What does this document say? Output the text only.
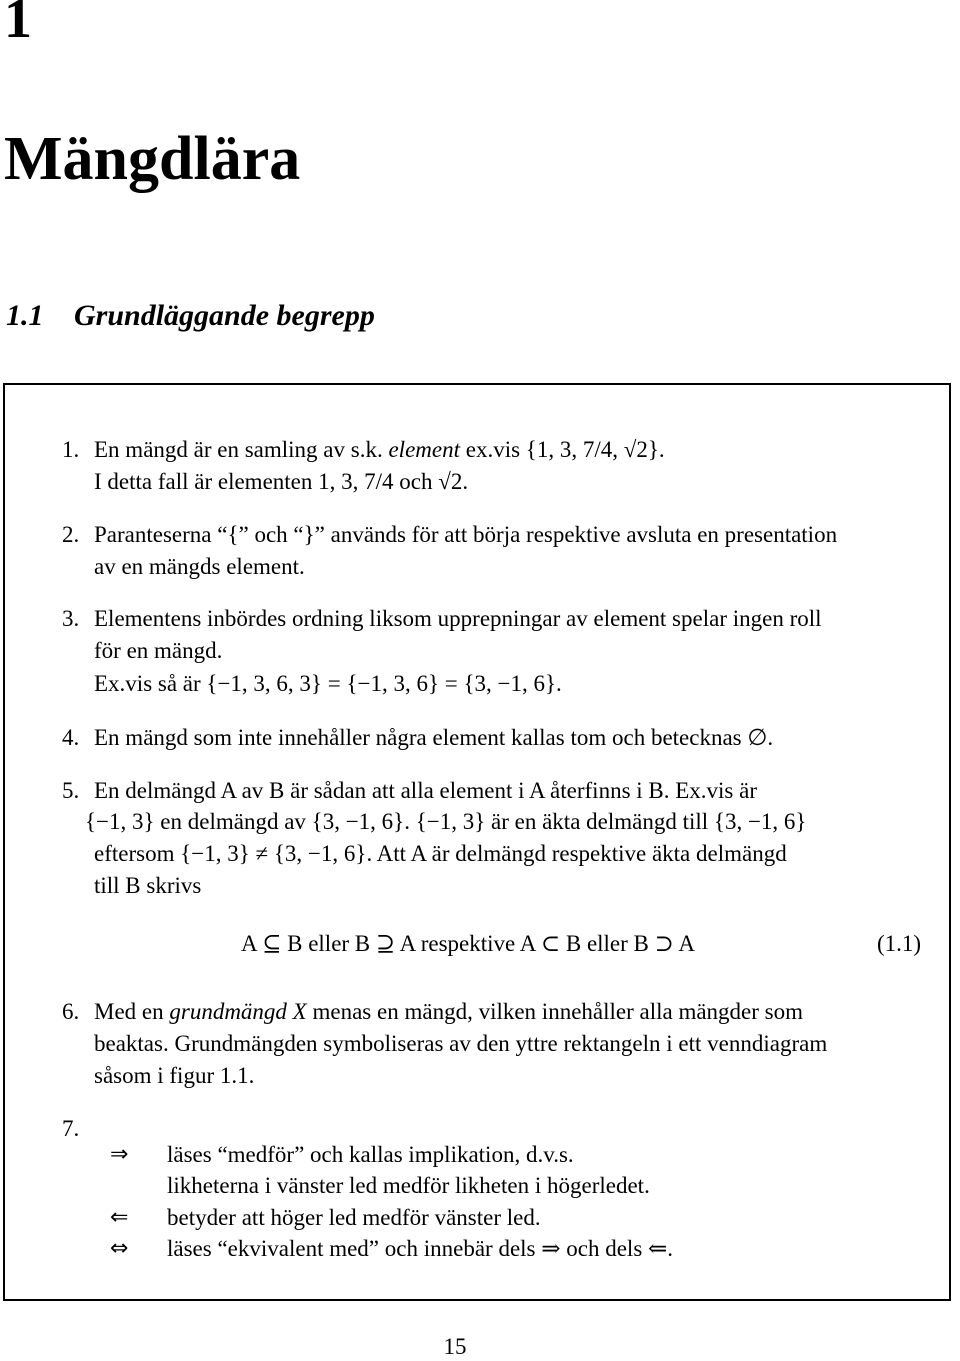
1
Mängdlära
1.1 Grundläggande begrepp
1. En mängd är en samling av s.k. element ex.vis {1, 3, 7/4, √2}.
I detta fall är elementen 1, 3, 7/4 och √2.
2. Paranteserna “{” och “}” används för att börja respektive avsluta en presentation
av en mängds element.
3. Elementens inbördes ordning liksom upprepningar av element spelar ingen roll
för en mängd.
Ex.vis så är {−1, 3, 6, 3} = {−1, 3, 6} = {3, −1, 6}.
4. En mängd som inte innehåller några element kallas tom och betecknas ∅.
5. En delmängd A av B är sådan att alla element i A återfinns i B. Ex.vis är
{−1, 3} en delmängd av {3, −1, 6}. {−1, 3} är en äkta delmängd till {3, −1, 6}
eftersom {−1, 3} ≠ {3, −1, 6}. Att A är delmängd respektive äkta delmängd
till B skrivs
A ⊆ B eller B ⊇ A respektive A ⊂ B eller B ⊃ A	(1.1)
6. Med en grundmängd X menas en mängd, vilken innehåller alla mängder som
beaktas. Grundmängden symboliseras av den yttre rektangeln i ett venndiagram
såsom i figur 1.1.
7.
⇒ läses “medför” och kallas implikation, d.v.s.
likheterna i vänster led medför likheten i högerledet.
⇐ betyder att höger led medför vänster led.
⇔ läses “ekvivalent med” och innebär dels ⇒ och dels ⇐.
15
